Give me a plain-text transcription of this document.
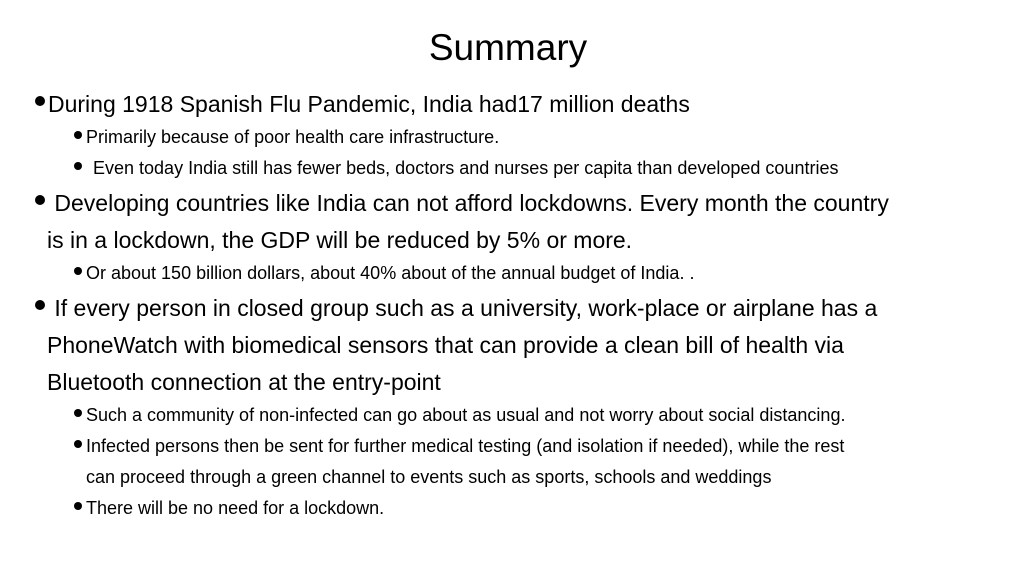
Summary
During 1918 Spanish Flu Pandemic, India had17 million deaths
Primarily because of poor health care infrastructure.
Even today India still has fewer beds, doctors and nurses per capita than developed countries
Developing countries like India can not afford lockdowns. Every month the country
is in a lockdown, the GDP will be reduced by 5% or more.
Or about 150 billion dollars, about 40% about of the annual budget of India. .
If every person in closed group such as a university, work-place or airplane has a
PhoneWatch with biomedical sensors that can provide a clean bill of health via
Bluetooth connection at the entry-point
Such a community of non-infected can go about as usual and not worry about social distancing.
Infected persons then be sent for further medical testing (and isolation if needed), while the rest
can proceed through a green channel to events such as sports, schools and weddings
There will be no need for a lockdown.
